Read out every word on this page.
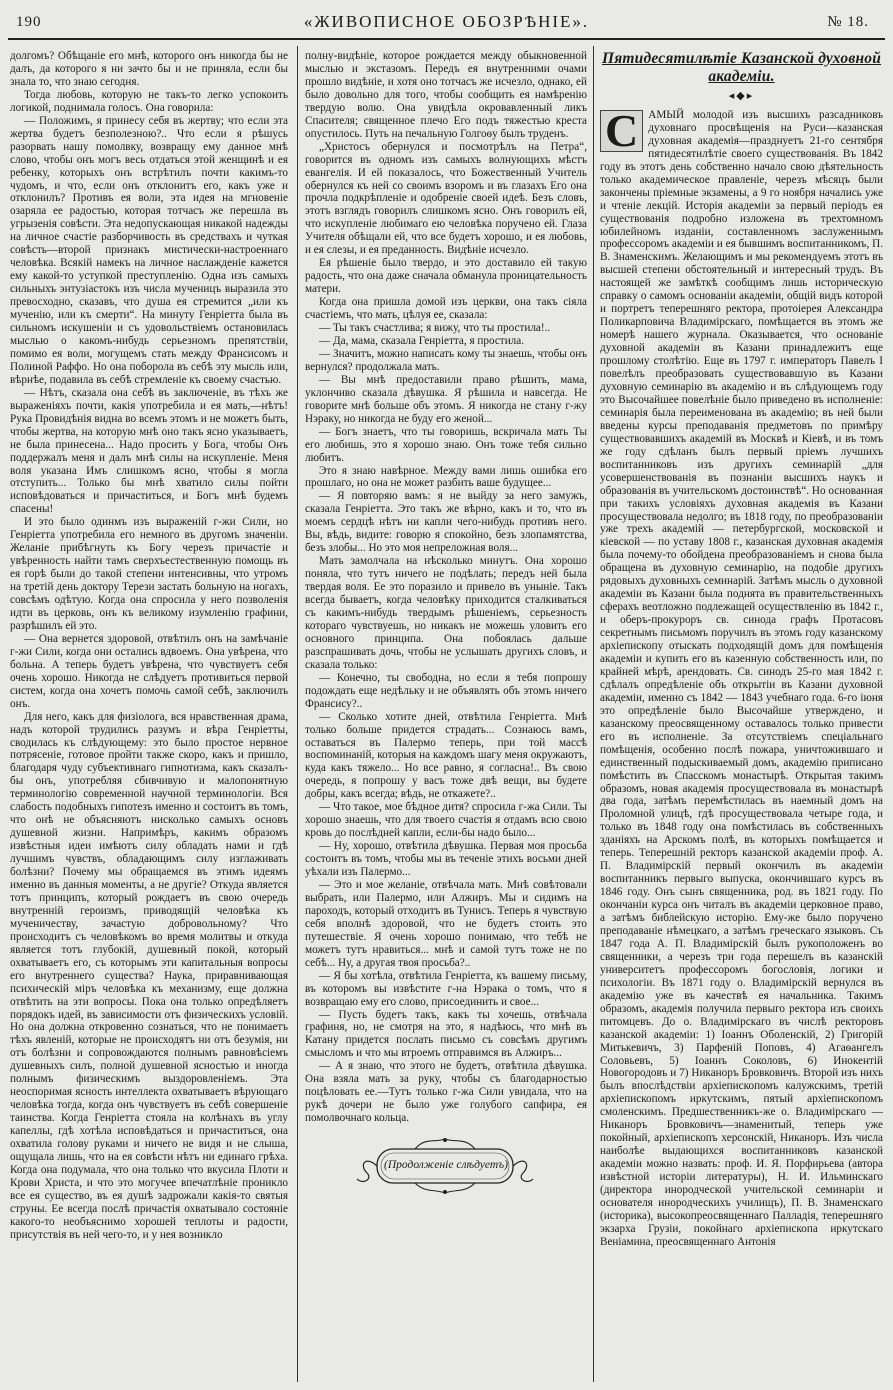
190	«ЖИВОПИСНОЕ ОБОЗРѢНІЕ».	№ 18.

долгомъ? Обѣщаніе его мнѣ, которого онъ никогда бы не далъ, да которого я ни зачто бы и не приняла, если бы знала то, что знаю сегодня.

Тогда любовь, которую не такъ-то легко успокоить логикой, поднимала голосъ. Она говорила:

— Положимъ, я принесу себя въ жертву; что если эта жертва будетъ безполезною?.. Что если я рѣшусь разорвать нашу помолвку, возвращу ему данное мнѣ слово, чтобы онъ могъ весь отдаться этой женщинѣ и ея ребенку, которыхъ онъ встрѣтилъ почти какимъ-то чудомъ, и что, если онъ отклонитъ его, какъ уже и отклонилъ? Противъ ея воли, эта идея на мгновеніе озаряла ее радостью, которая тотчасъ же перешла въ угрызенія совѣсти. Эта недопускающая никакой надежды на личное счастіе разборчивость въ средствахъ и чуткая совѣсть—второй признакъ мистически-настроеннаго человѣка. Всякій намекъ на личное наслажденіе кажется ему какой-то уступкой преступленію. Одна изъ самыхъ сильныхъ энтузіастокъ изъ числа мученицъ выразила это превосходно, сказавъ, что душа ея стремится „или къ мученію, или къ смерти“. На минуту Генріетта была въ сильномъ искушеніи и съ удовольствіемъ остановилась мыслью о какомъ-нибудь серьезномъ препятствіи, помимо ея воли, могущемъ стать между Франсисомъ и Полиной Раффо. Но она поборола въ себѣ эту мысль или, вѣрнѣе, подавила въ себѣ стремленіе къ своему счастью.

— Нѣтъ, сказала она себѣ въ заключеніе, въ тѣхъ же выраженіяхъ почти, какія употребила и ея мать,—нѣтъ! Рука Провидѣнія видна во всемъ этомъ и не можетъ быть, чтобы жертва, на которую мнѣ оно такъ ясно указываетъ, не была принесена... Надо просить у Бога, чтобы Онъ поддержалъ меня и далъ мнѣ силы на искупленіе. Меня воля указана Имъ слишкомъ ясно, чтобы я могла отступить... Только бы мнѣ хватило силы пойти исповѣдоваться и причаститься, и Богъ мнѣ будемъ спасены!

И это было одинмъ изъ выраженій г-жи Сили, но Генріетта употребила его немного въ другомъ значеніи. Желаніе прибѣгнуть къ Богу черезъ причастіе и увѣренность найти тамъ сверхъестественную помощь въ ея горѣ были до такой степени интенсивны, что утромъ на третій день доктору Терези застать больную на ногахъ, совсѣмъ одѣтую. Когда она спросила у него позволенія идти въ церковь, онъ къ великому изумленію графини, разрѣшилъ ей это.

— Она вернется здоровой, отвѣтилъ онъ на замѣчаніе г-жи Сили, когда они остались вдвоемъ. Она увѣрена, что больна. А теперь будетъ увѣрена, что чувствуетъ себя очень хорошо. Никогда не слѣдуетъ противиться первой систем, когда она хочетъ помочь самой себѣ, заключилъ онъ.

Для него, какъ для физіолога, вся нравственная драма, надъ которой трудились разумъ и вѣра Генріетты, сводилась къ слѣдующему: это было простое нервное потрясеніе, готовое пройти также скоро, какъ и пришло, благодаря чуду субъективнаго гипнотизма, какъ сказалъ-бы онъ, употребляя сбивчивую и малопонятную терминологію современной научной терминологіи. Вся слабость подобныхъ гипотезъ именно и состоитъ въ томъ, что онѣ не объясняютъ нисколько самыхъ основъ душевной жизни. Напримѣръ, какимъ образомъ извѣстныя идеи имѣютъ силу обладать нами и гдѣ лучшимъ чувствъ, обладающимъ силу изглаживать болѣзни? Почему мы обращаемся въ этимъ идеямъ именно въ данныя моменты, а не другіе? Откуда является тотъ принципъ, который рождаетъ въ свою очередь внутренній героизмъ, приводящій человѣка къ мученичеству, зачастую добровольному? Что происходитъ съ человѣкомъ во время молитвы и откуда является тотъ глубокій, душевный покой, который охватываетъ его, съ которымъ эти капитальныя вопросы его внутреннего существа? Наука, приравнивающая психическій міръ человѣка къ механизму, еще должна отвѣтить на эти вопросы. Пока она только опредѣляетъ порядокъ идей, въ зависимости отъ физическихъ условій. Но она должна откровенно сознаться, что не понимаетъ тѣхъ явленій, которые не происходятъ ни отъ безумія, ни отъ болѣзни и сопровождаются полнымъ равновѣсіемъ душевныхъ силъ, полной душевной ясностью и иногда полнымъ физическимъ выздоровленіемъ. Эта неоспоримая ясность интеллекта охватываетъ вѣрующаго человѣка тогда, когда онъ чувствуетъ въ себѣ совершеніе таинства. Когда Генріетта стояла на колѣнахъ въ углу капеллы, гдѣ хотѣла исповѣдаться и причаститься, она охватила голову руками и ничего не видя и не слыша, ощущала лишь, что на ея совѣсти нѣтъ ни единаго грѣха. Когда она подумала, что она только что вкусила Плоти и Крови Христа, и что это могучее впечатлѣніе проникло все ея существо, въ ея душѣ задрожали какія-то святыя струны. Ее всегда послѣ причастія охватывало состояніе какого-то необъяснимо хорошей теплоты и радости, присутствія въ ней чего-то, и у нея возникло

полну-видѣніе, которое рождается между обыкновенной мыслью и экстазомъ. Передъ ея внутренними очами прошло видѣніе, и хотя оно тотчасъ же исчезло, однако, ей было довольно для того, чтобы сообщить ея намѣренію твердую волю. Она увидѣла окровавленный ликъ Спасителя; священное плечо Его подъ тяжестью креста опустилось. Путь на печальную Голгоѳу былъ труденъ.

„Христосъ обернулся и посмотрѣлъ на Петра“, говорится въ одномъ изъ самыхъ волнующихъ мѣстъ евангелія. И ей показалось, что Божественный Учитель обернулся къ ней со своимъ взоромъ и въ глазахъ Его она прочла подкрѣпленіе и одобреніе своей идеѣ. Безъ словъ, этотъ взглядъ говорилъ слишкомъ ясно. Онъ говорилъ ей, что искупленіе любимаго ею человѣка поручено ей. Глаза Учителя обѣщали ей, что все будетъ хорошо, и ея любовь, и ея слезы, и ея преданность. Видѣніе исчезло.

Ея рѣшеніе было твердо, и это доставило ей такую радость, что она даже сначала обманула проницательность матери.

Когда она пришла домой изъ церкви, она такъ сіяла счастіемъ, что мать, цѣлуя ее, сказала:

— Ты такъ счастлива; я вижу, что ты простила!..

— Да, мама, сказала Генріетта, я простила.

— Значитъ, можно написать кому ты знаешь, чтобы онъ вернулся? продолжала мать.

— Вы мнѣ предоставили право рѣшить, мама, уклончиво сказала дѣвушка. Я рѣшила и навсегда. Не говорите мнѣ больше объ этомъ. Я никогда не стану г-жу Нэраку, но никогда не буду его женой...

— Богъ знаетъ, что ты говоришь, вскричала мать Ты его любишь, это я хорошо знаю. Онъ тоже тебя сильно любитъ.

Это я знаю навѣрное. Между вами лишь ошибка его прошлаго, но она не может разбить ваше будущее...

— Я повторяю вамъ: я не выйду за него замужъ, сказала Генріетта. Это такъ же вѣрно, какъ и то, что въ моемъ сердцѣ нѣтъ ни капли чего-нибудь противъ него. Вы, вѣдь, видите: говорю я спокойно, безъ злопамятства, безъ злобы... Но это моя непреложная воля...

Мать замолчала на нѣсколько минутъ. Она хорошо поняла, что тутъ ничего не подѣлать; передъ ней была твердая воля. Ее это поразило и привело въ уныніе. Такъ всегда бываетъ, когда человѣку приходится сталкиваться съ какимъ-нибудь твердымъ рѣшеніемъ, серьезность котораго чувствуешь, но никакъ не можешь уловить его основного принципа. Она побоялась дальше разспрашивать дочь, чтобы не услышать другихъ словъ, и сказала только:

— Конечно, ты свободна, но если я тебя попрошу подождать еще недѣльку и не объявлять объ этомъ ничего Франсису?..

— Сколько хотите дней, отвѣтила Генріетта. Мнѣ только больше придется страдать... Сознаюсь вамъ, оставаться въ Палермо теперь, при той массѣ воспоминаній, которыя на каждомъ шагу меня окружаютъ, куда какъ тяжело... Но все равно, я согласна!.. Въ свою очередь, я попрошу у васъ тоже двѣ вещи, вы будете добры, какъ всегда; вѣдь, не откажете?..

— Что такое, мое бѣдное дитя? спросила г-жа Сили. Ты хорошо знаешь, что для твоего счастія я отдамъ всю свою кровь до послѣдней капли, если-бы надо было...

— Ну, хорошо, отвѣтила дѣвушка. Первая моя просьба состоитъ въ томъ, чтобы мы въ теченіе этихъ восьми дней уѣхали изъ Палермо...

— Это и мое желаніе, отвѣчала мать. Мнѣ совѣтовали выбрать, или Палермо, или Алжиръ. Мы и сидимъ на пароходъ, который отходитъ въ Тунисъ. Теперь я чувствую себя вполнѣ здоровой, что не будетъ стоить это путешествіе. Я очень хорошо понимаю, что тебѣ не можетъ тутъ нравиться... мнѣ и самой тутъ тоже не по себѣ... Ну, а другая твоя просьба?..

— Я бы хотѣла, отвѣтила Генріетта, къ вашему письму, въ которомъ вы извѣстите г-на Нэрака о томъ, что я возвращаю ему его слово, присоединить и свое...

— Пусть будетъ такъ, какъ ты хочешь, отвѣчала графиня, но, не смотря на это, я надѣюсь, что мнѣ въ Катану придется послать письмо съ совсѣмъ другимъ смысломъ и что мы втроемъ отправимся въ Алжиръ...

— А я знаю, что этого не будетъ, отвѣтила дѣвушка. Она взяла мать за руку, чтобы съ благодарностью поцѣловать ее.—Тутъ только г-жа Сили увидала, что на рукѣ дочери не было уже голубого сапфира, ея помолвочнаго кольца.

(Продолженіе слѣдуетъ)
Пятидесятилѣтіе Казанской духовной академіи.
◂◆▸

С АМЫЙ молодой изъ высшихъ разсадниковъ духовнаго просвѣщенія на Руси—казанская духовная академія—празднуетъ 21-го сентября пятидесятилѣтіе своего существованія. Въ 1842 году въ этотъ день собственно начало свою дѣятельность только академическое правленіе, черезъ мѣсяцъ были закончены пріемные экзамены, а 9 го ноября начались уже и чтеніе лекцій. Исторія академіи за первый періодъ ея существованія подробно изложена въ трехтомномъ юбилейномъ изданіи, составленномъ заслуженнымъ профессоромъ академіи и ея бывшимъ воспитанникомъ, П. В. Знаменскимъ. Желающимъ и мы рекомендуемъ этотъ въ высшей степени обстоятельный и интересный трудъ. Въ настоящей же замѣткѣ сообщимъ лишь историческую справку о самомъ основаніи академіи, общій видъ которой и портретъ теперешняго ректора, протоіерея Александра Поликарповича Владимірскаго, помѣщается въ этомъ же номерѣ нашего журнала. Оказывается, что основаніе духовной академіи въ Казани принадлежитъ еще прошлому столѣтію. Еще въ 1797 г. императоръ Павелъ I повелѣлъ преобразовать существовавшую въ Казани духовную семинарію въ академію и въ слѣдующемъ году это Высочайшее повелѣніе было приведено въ исполненіе: семинарія была переименована въ академію; въ ней были введены курсы преподаванія предметовъ по примѣру существовавшихъ академій въ Москвѣ и Кіевѣ, и въ томъ же году сдѣланъ былъ первый пріемъ лучшихъ воспитанниковъ изъ другихъ семинарій „для усовершенствованія въ познаніи высшихъ наукъ и образованія въ учительскомъ достоинствѣ“. Но основанная при такихъ условіяхъ духовная академія въ Казани просуществовала недолго; въ 1818 году, по преобразованіи уже трехъ академій — петербургской, московской и кіевской — по уставу 1808 г., казанская духовная академія была почему-то обойдена преобразованіемъ и снова была обращена въ духовную семинарію, на подобіе другихъ рядовыхъ духовныхъ семинарій. Затѣмъ мысль о духовной академіи въ Казани была поднята въ правительственныхъ сферахъ веотложно подлежащей осуществленію въ 1842 г., и оберъ-прокуроръ св. синода графъ Протасовъ секретнымъ письмомъ поручилъ въ этомъ году казанскому архіепископу отыскать подходящій домъ для помѣщенія академіи и купить его въ казенную собственность или, по крайней мѣрѣ, арендовать. Св. синодъ 25-го мая 1842 г. сдѣлалъ опредѣленіе объ открытіи въ Казани духовной академіи, именно съ 1842 — 1843 учебнаго года. 6-го іюня это опредѣленіе было Высочайше утверждено, и казанскому преосвященному оставалось только привести его въ исполненіе. За отсутствіемъ спеціальнаго помѣщенія, особенно послѣ пожара, уничтожившаго и единственный подыскиваемый домъ, академію приписано помѣстить въ Спасскомъ монастырѣ. Открытая такимъ образомъ, новая академія просуществовала въ монастырѣ два года, затѣмъ перемѣстилась въ наемный домъ на Проломной улицѣ, гдѣ просуществовала четыре года, и только въ 1848 году она помѣстилась въ собственныхъ зданіяхъ на Арскомъ полѣ, въ которыхъ помѣщается и теперь. Теперешній ректоръ казанской академіи проф. А. П. Владимірскій первый окончилъ въ академіи воспитанникъ первыго выпуска, окончившаго курсъ въ 1846 году. Онъ сынъ священника, род. въ 1821 году. По окончаніи курса онъ читалъ въ академіи церковное право, а затѣмъ библейскую исторію. Ему-же было поручено преподаваніе нѣмецкаго, а затѣмъ греческаго языковъ. Съ 1847 года А. П. Владимірскій былъ рукоположенъ во священники, а черезъ три года перешелъ въ казанскій университетъ профессоромъ богословія, логики и психологіи. Въ 1871 году о. Владимірскій вернулся въ академію уже въ качествѣ ея начальника. Такимъ образомъ, академія получила первыго ректора изъ своихъ питомцевъ. До о. Владимірскаго въ числѣ ректоровъ казанской академіи: 1) Іоаннъ Оболенскій, 2) Григорій Митькевичъ, 3) Парфеній Поповъ, 4) Агаѳангелъ Соловьевъ, 5) Іоаннъ Соколовъ, 6) Инокентій Новогородовъ и 7) Никаноръ Бровковичъ. Второй изъ нихъ былъ впослѣдствіи архіепископомъ калужскимъ, третій архіепископомъ иркутскимъ, пятый архіепископомъ смоленскимъ. Предшественникъ-же о. Владимірскаго — Никаноръ Бровковичъ—знаменитый, теперь уже покойный, архіепископъ херсонскій, Никаноръ. Изъ числа наиболѣе выдающихся воспитанниковъ казанской академіи можно назвать: проф. И. Я. Порфирьева (автора извѣстной исторіи литературы), Н. И. Ильминскаго (директора инородческой учительской семинаріи и основателя инородческихъ училищъ), П. В. Знаменскаго (историка), высокопреосвященнаго Палладія, теперешняго экзарха Грузіи, покойнаго архіепископа иркутскаго Веніамина, преосвященнаго Антонія
